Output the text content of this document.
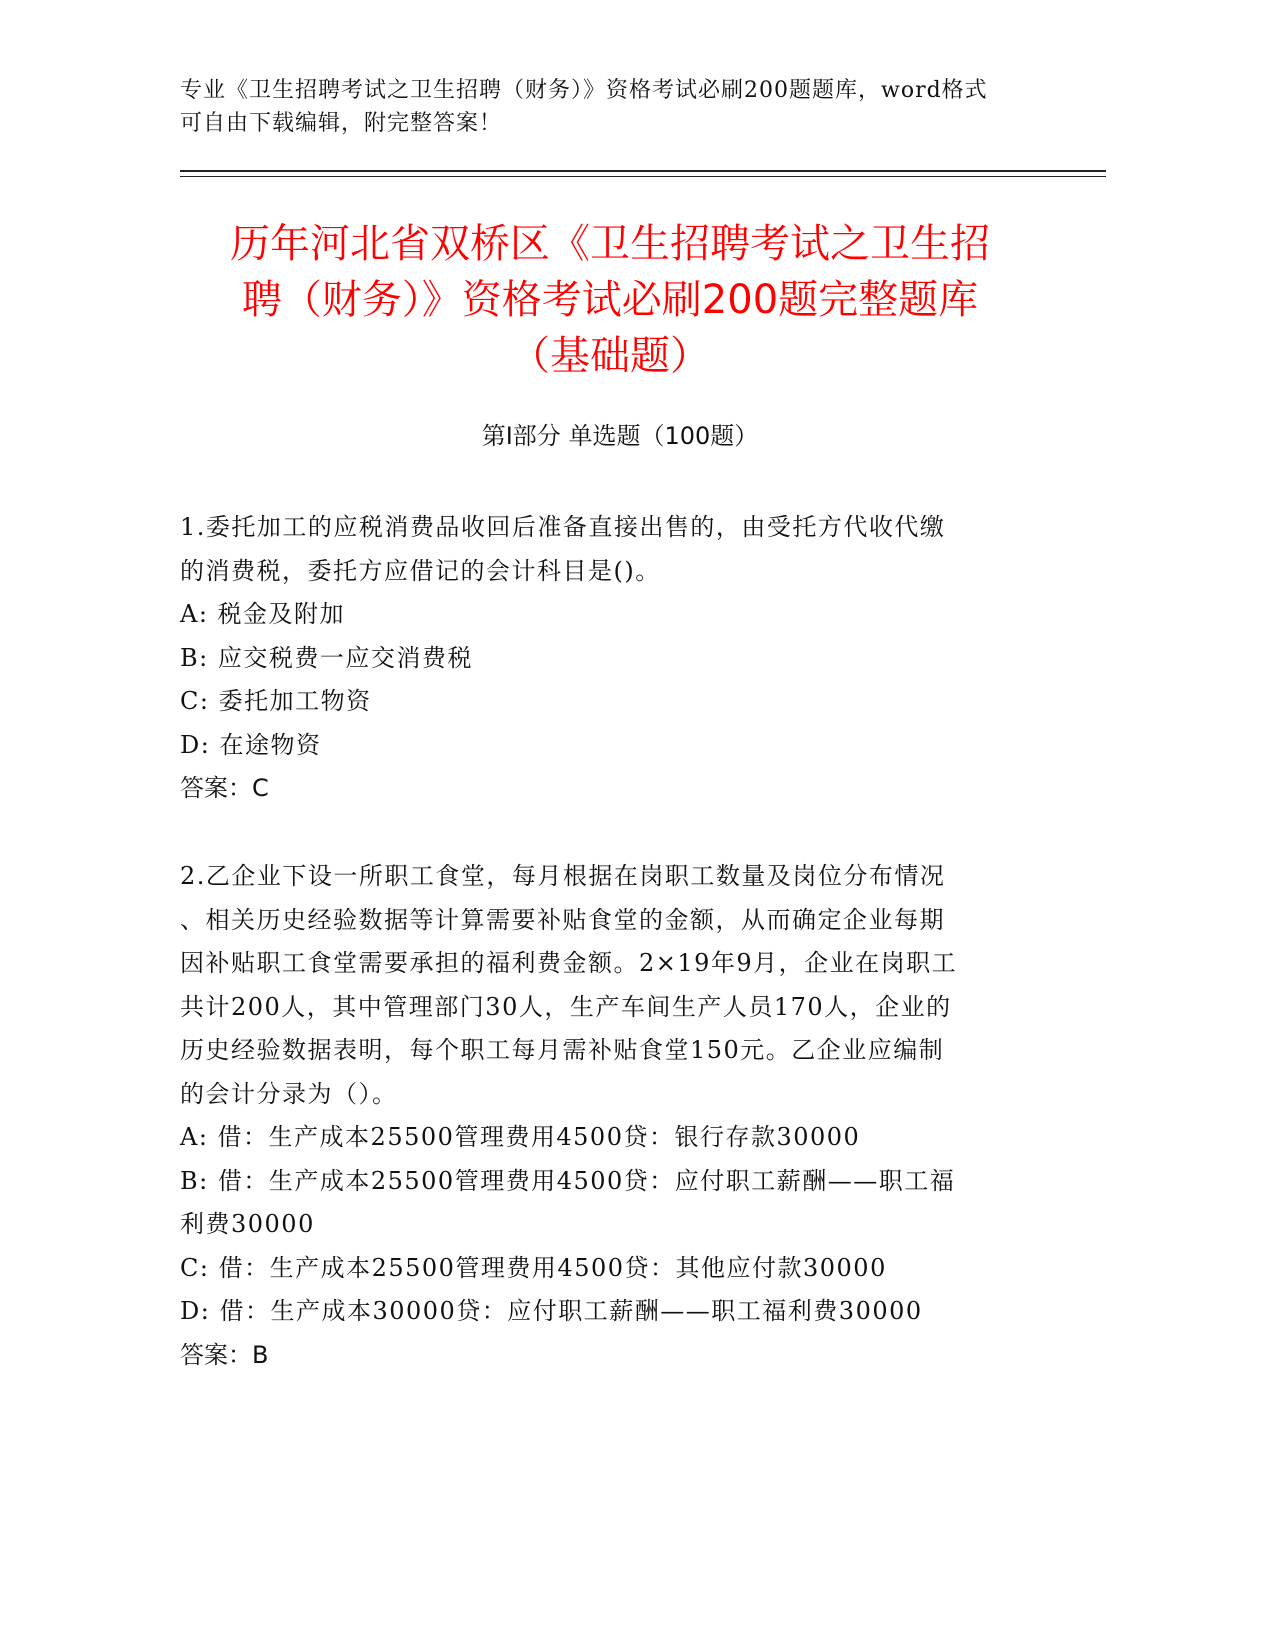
专业《卫生招聘考试之卫生招聘（财务）》资格考试必刷200题题库，word格式
可自由下载编辑，附完整答案！
历年河北省双桥区《卫生招聘考试之卫生招
聘（财务）》资格考试必刷200题完整题库
（基础题）
第Ⅰ部分 单选题（100题）
1.委托加工的应税消费品收回后准备直接出售的，由受托方代收代缴
的消费税，委托方应借记的会计科目是()。
A: 税金及附加
B: 应交税费一应交消费税
C: 委托加工物资
D: 在途物资
答案：C
2.乙企业下设一所职工食堂，每月根据在岗职工数量及岗位分布情况
、相关历史经验数据等计算需要补贴食堂的金额，从而确定企业每期
因补贴职工食堂需要承担的福利费金额。2×19年9月，企业在岗职工
共计200人，其中管理部门30人，生产车间生产人员170人，企业的
历史经验数据表明，每个职工每月需补贴食堂150元。乙企业应编制
的会计分录为（）。
A: 借：生产成本25500管理费用4500贷：银行存款30000
B: 借：生产成本25500管理费用4500贷：应付职工薪酬——职工福
利费30000
C: 借：生产成本25500管理费用4500贷：其他应付款30000
D: 借：生产成本30000贷：应付职工薪酬——职工福利费30000
答案：B
